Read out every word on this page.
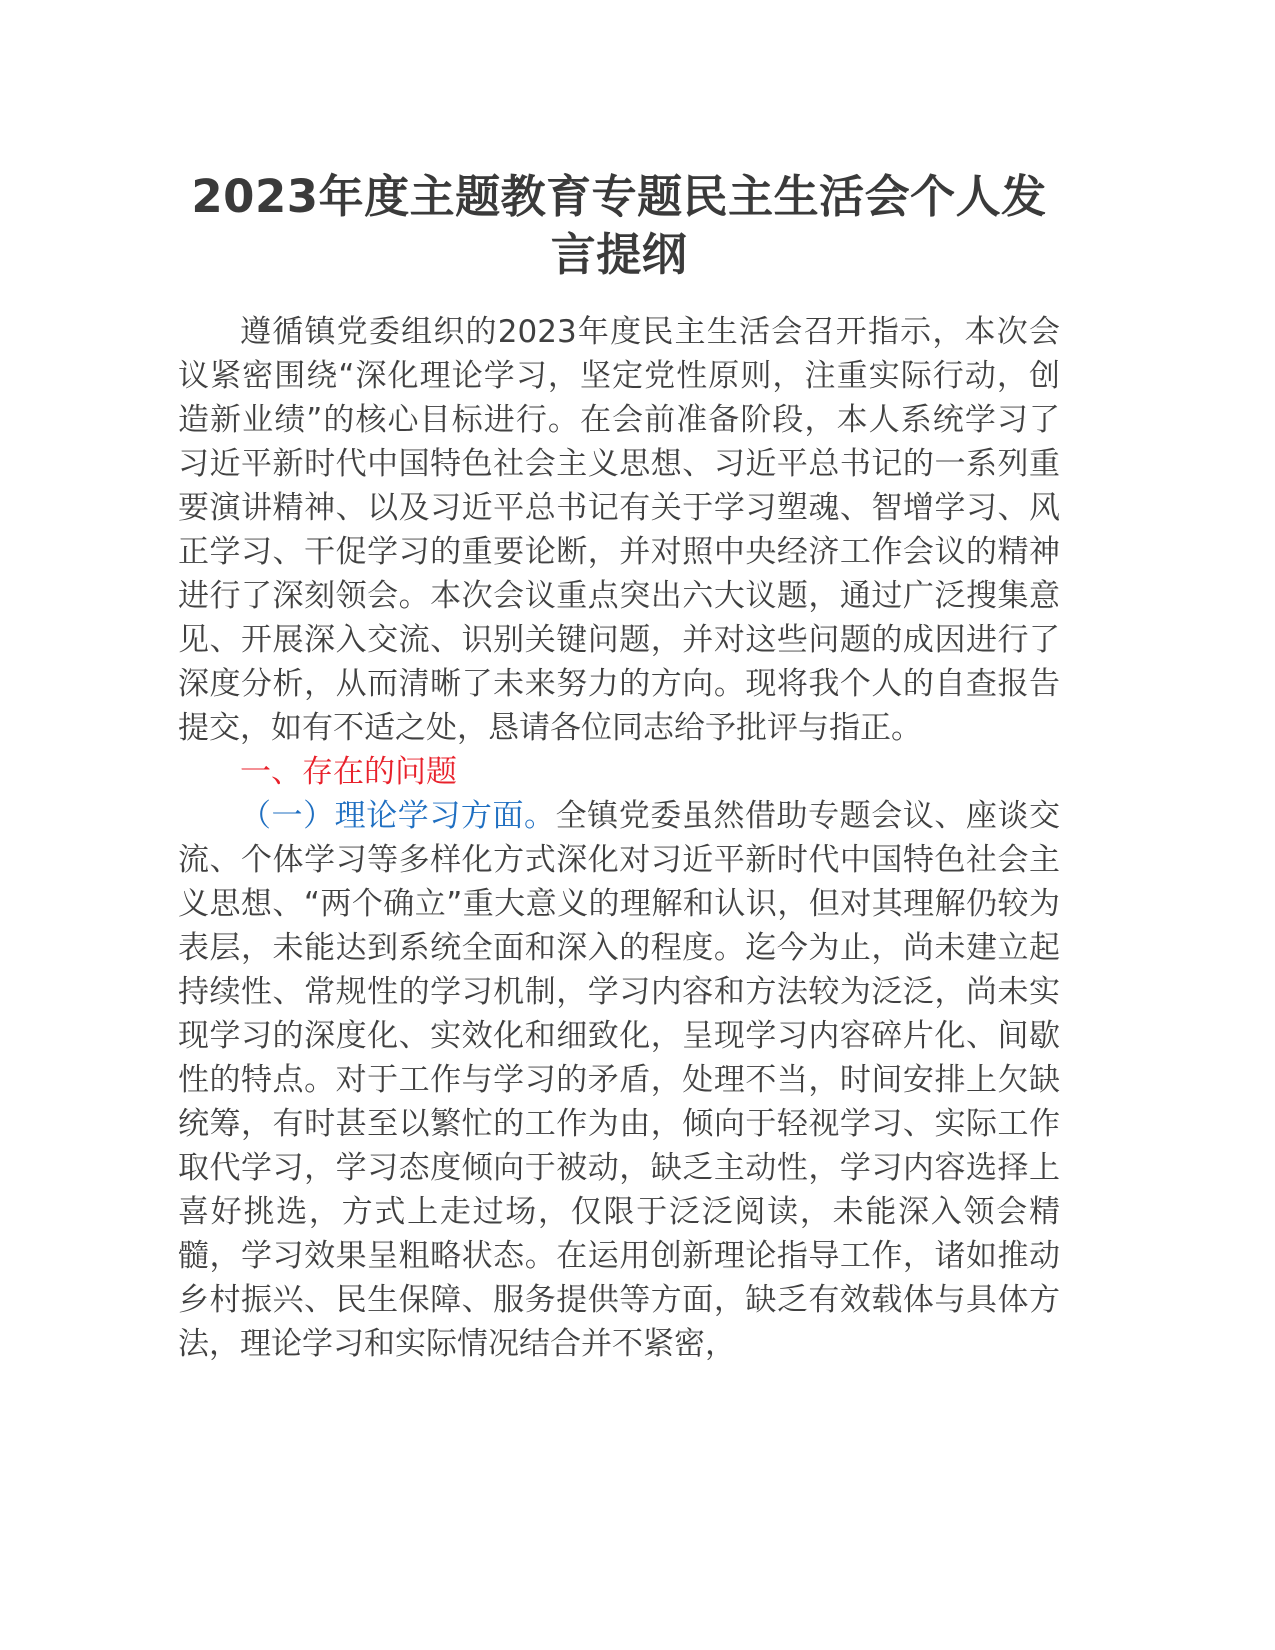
2023年度主题教育专题民主生活会个人发言提纲

遵循镇党委组织的2023年度民主生活会召开指示，本次会议紧密围绕“深化理论学习，坚定党性原则，注重实际行动，创造新业绩”的核心目标进行。在会前准备阶段，本人系统学习了习近平新时代中国特色社会主义思想、习近平总书记的一系列重要演讲精神、以及习近平总书记有关于学习塑魂、智增学习、风正学习、干促学习的重要论断，并对照中央经济工作会议的精神进行了深刻领会。本次会议重点突出六大议题，通过广泛搜集意见、开展深入交流、识别关键问题，并对这些问题的成因进行了深度分析，从而清晰了未来努力的方向。现将我个人的自查报告提交，如有不适之处，恳请各位同志给予批评与指正。

一、存在的问题

（一）理论学习方面。全镇党委虽然借助专题会议、座谈交流、个体学习等多样化方式深化对习近平新时代中国特色社会主义思想、“两个确立”重大意义的理解和认识，但对其理解仍较为表层，未能达到系统全面和深入的程度。迄今为止，尚未建立起持续性、常规性的学习机制，学习内容和方法较为泛泛，尚未实现学习的深度化、实效化和细致化，呈现学习内容碎片化、间歇性的特点。对于工作与学习的矛盾，处理不当，时间安排上欠缺统筹，有时甚至以繁忙的工作为由，倾向于轻视学习、实际工作取代学习，学习态度倾向于被动，缺乏主动性，学习内容选择上喜好挑选，方式上走过场，仅限于泛泛阅读，未能深入领会精髓，学习效果呈粗略状态。在运用创新理论指导工作，诸如推动乡村振兴、民生保障、服务提供等方面，缺乏有效载体与具体方法，理论学习和实际情况结合并不紧密，
